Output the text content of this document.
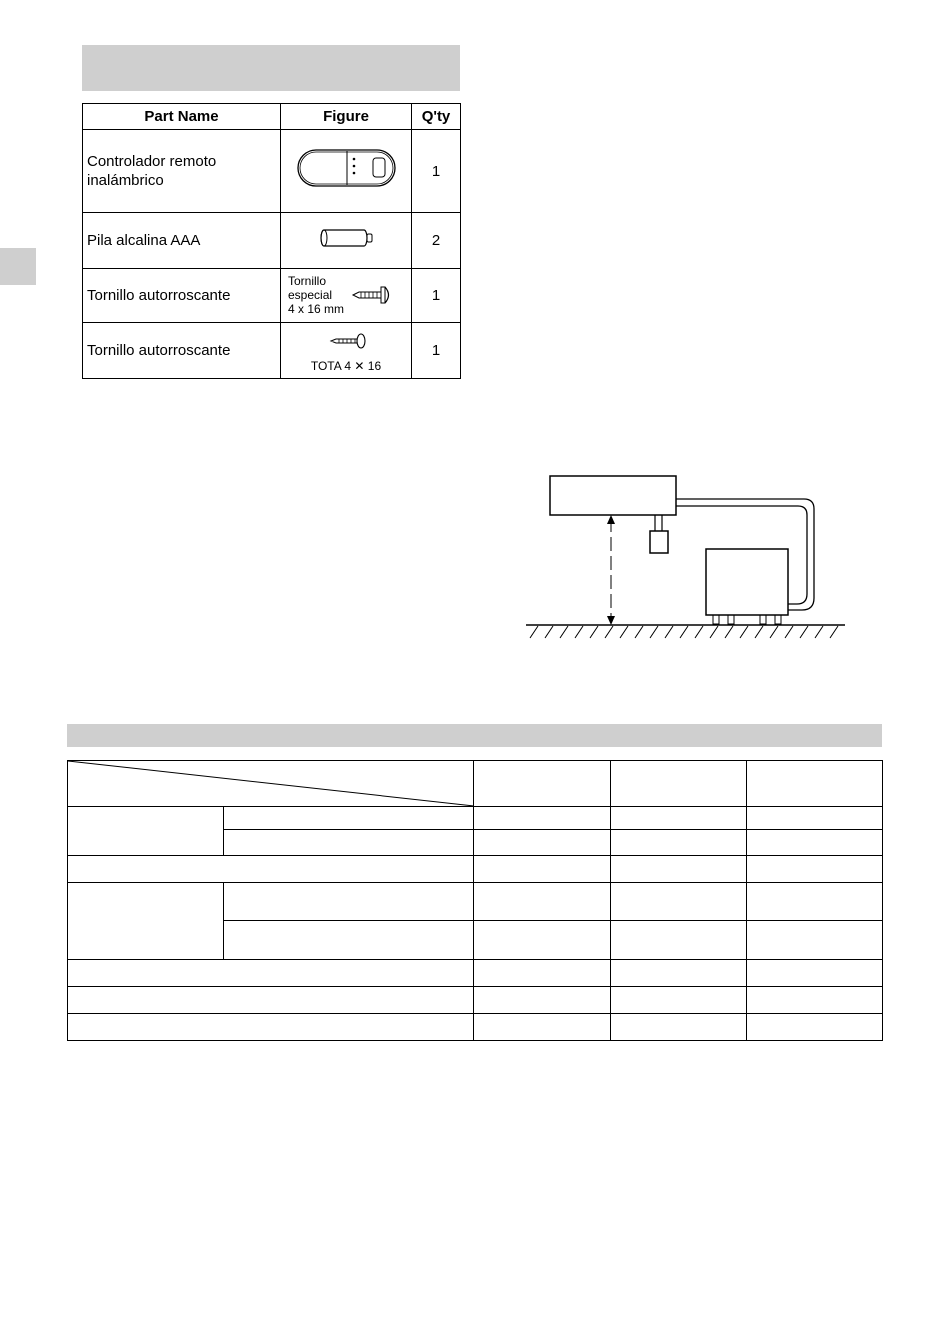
Part Name	Figure	Q'ty
Controlador remoto
inalámbrico		1
Pila alcalina AAA		2
Tornillo autorroscante	Tornillo
especial
4 x 16 mm	1
Tornillo autorroscante	TOTA 4 ✕ 16	1
